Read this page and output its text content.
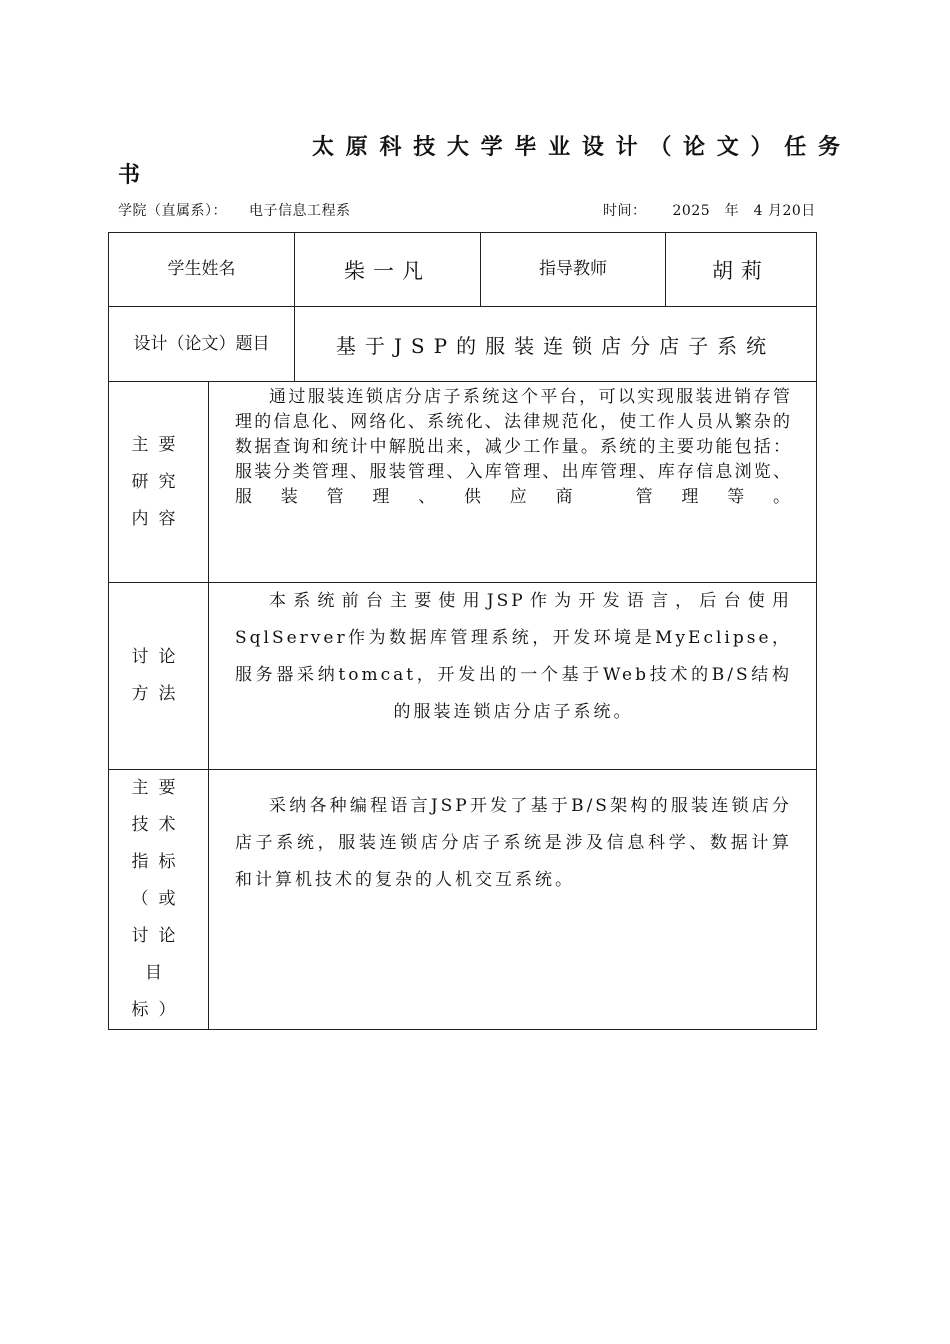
太原科技大学毕业设计（论文）任务书
学院（直属系）： 电子信息工程系	时间： 2025　年　4 月20日
学生姓名		柴一凡	指导教师	胡莉
设计（论文）题目		基于JSP的服装连锁店分店子系统		
主要研究内容	通过服装连锁店分店子系统这个平台，可以实现服装进销存管理的信息化、网络化、系统化、法律规范化，使工作人员从繁杂的数据查询和统计中解脱出来，减少工作量。系统的主要功能包括：服装分类管理、服装管理、入库管理、出库管理、库存信息浏览、服装管理、供应商 管理等。			
讨论方法	本系统前台主要使用JSP作为开发语言，后台使用SqlServer作为数据库管理系统，开发环境是MyEclipse，服务器采纳tomcat，开发出的一个基于Web技术的B/S结构的服装连锁店分店子系统。			
主要技术指标（或讨论目标）	采纳各种编程语言JSP开发了基于B/S架构的服装连锁店分店子系统，服装连锁店分店子系统是涉及信息科学、数据计算和计算机技术的复杂的人机交互系统。			
